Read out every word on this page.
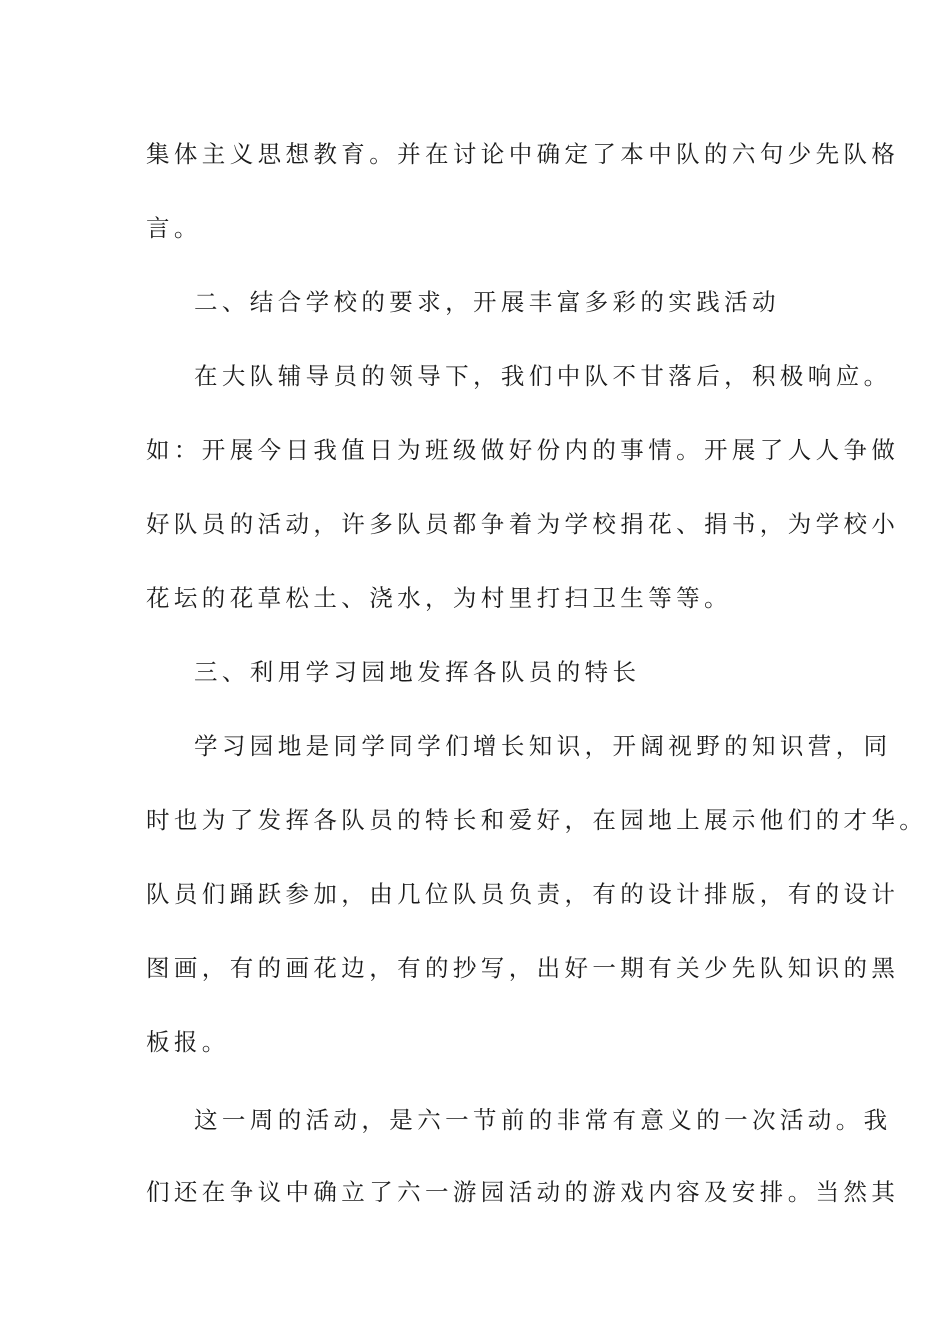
集体主义思想教育。并在讨论中确定了本中队的六句少先队格
言。
二、结合学校的要求，开展丰富多彩的实践活动
在大队辅导员的领导下，我们中队不甘落后，积极响应。
如：开展今日我值日为班级做好份内的事情。开展了人人争做
好队员的活动，许多队员都争着为学校捐花、捐书，为学校小
花坛的花草松土、浇水，为村里打扫卫生等等。
三、利用学习园地发挥各队员的特长
学习园地是同学同学们增长知识，开阔视野的知识营，同
时也为了发挥各队员的特长和爱好，在园地上展示他们的才华。
队员们踊跃参加，由几位队员负责，有的设计排版，有的设计
图画，有的画花边，有的抄写，出好一期有关少先队知识的黑
板报。
这一周的活动，是六一节前的非常有意义的一次活动。我
们还在争议中确立了六一游园活动的游戏内容及安排。当然其
